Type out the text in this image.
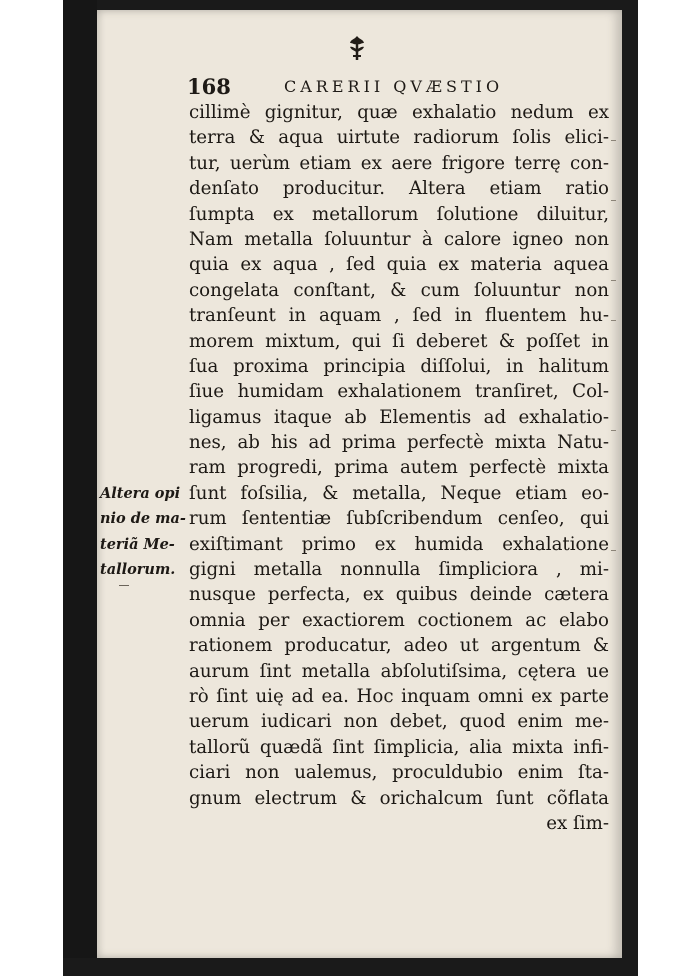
168	CARERII QVÆSTIO
cillimè gignitur, quæ exhalatio nedum ex
terra & aqua uirtute radiorum ſolis elici-
tur, uerùm etiam ex aere frigore terrę con-
denſato producitur. Altera etiam ratio
ſumpta ex metallorum ſolutione diluitur,
Nam metalla ſoluuntur à calore igneo non
quia ex aqua , ſed quia ex materia aquea
congelata conſtant, & cum ſoluuntur non
tranſeunt in aquam , ſed in fluentem hu-
morem mixtum, qui ſi deberet & poſſet in
ſua proxima principia diſſolui, in halitum
ſiue humidam exhalationem tranſiret, Col-
ligamus itaque ab Elementis ad exhalatio-
nes, ab his ad prima perfectè mixta Natu-
ram progredi, prima autem perfectè mixta
ſunt foſsilia, & metalla, Neque etiam eo-
rum ſententiæ ſubſcribendum cenſeo, qui
exiſtimant primo ex humida exhalatione
gigni metalla nonnulla ſimpliciora , mi-
nusque perfecta, ex quibus deinde cætera
omnia per exactiorem coctionem ac elabo
rationem producatur, adeo ut argentum &
aurum ſint metalla abſolutiſsima, cętera ue
rò ſint uię ad ea. Hoc inquam omni ex parte
uerum iudicari non debet, quod enim me-
tallorũ quædã ſint ſimplicia, alia mixta infi-
ciari non ualemus, proculdubio enim ſta-
gnum electrum & orichalcum ſunt cõflata
ex ſim-
Altera opi
nio de ma-
teriã Me-
tallorum.
